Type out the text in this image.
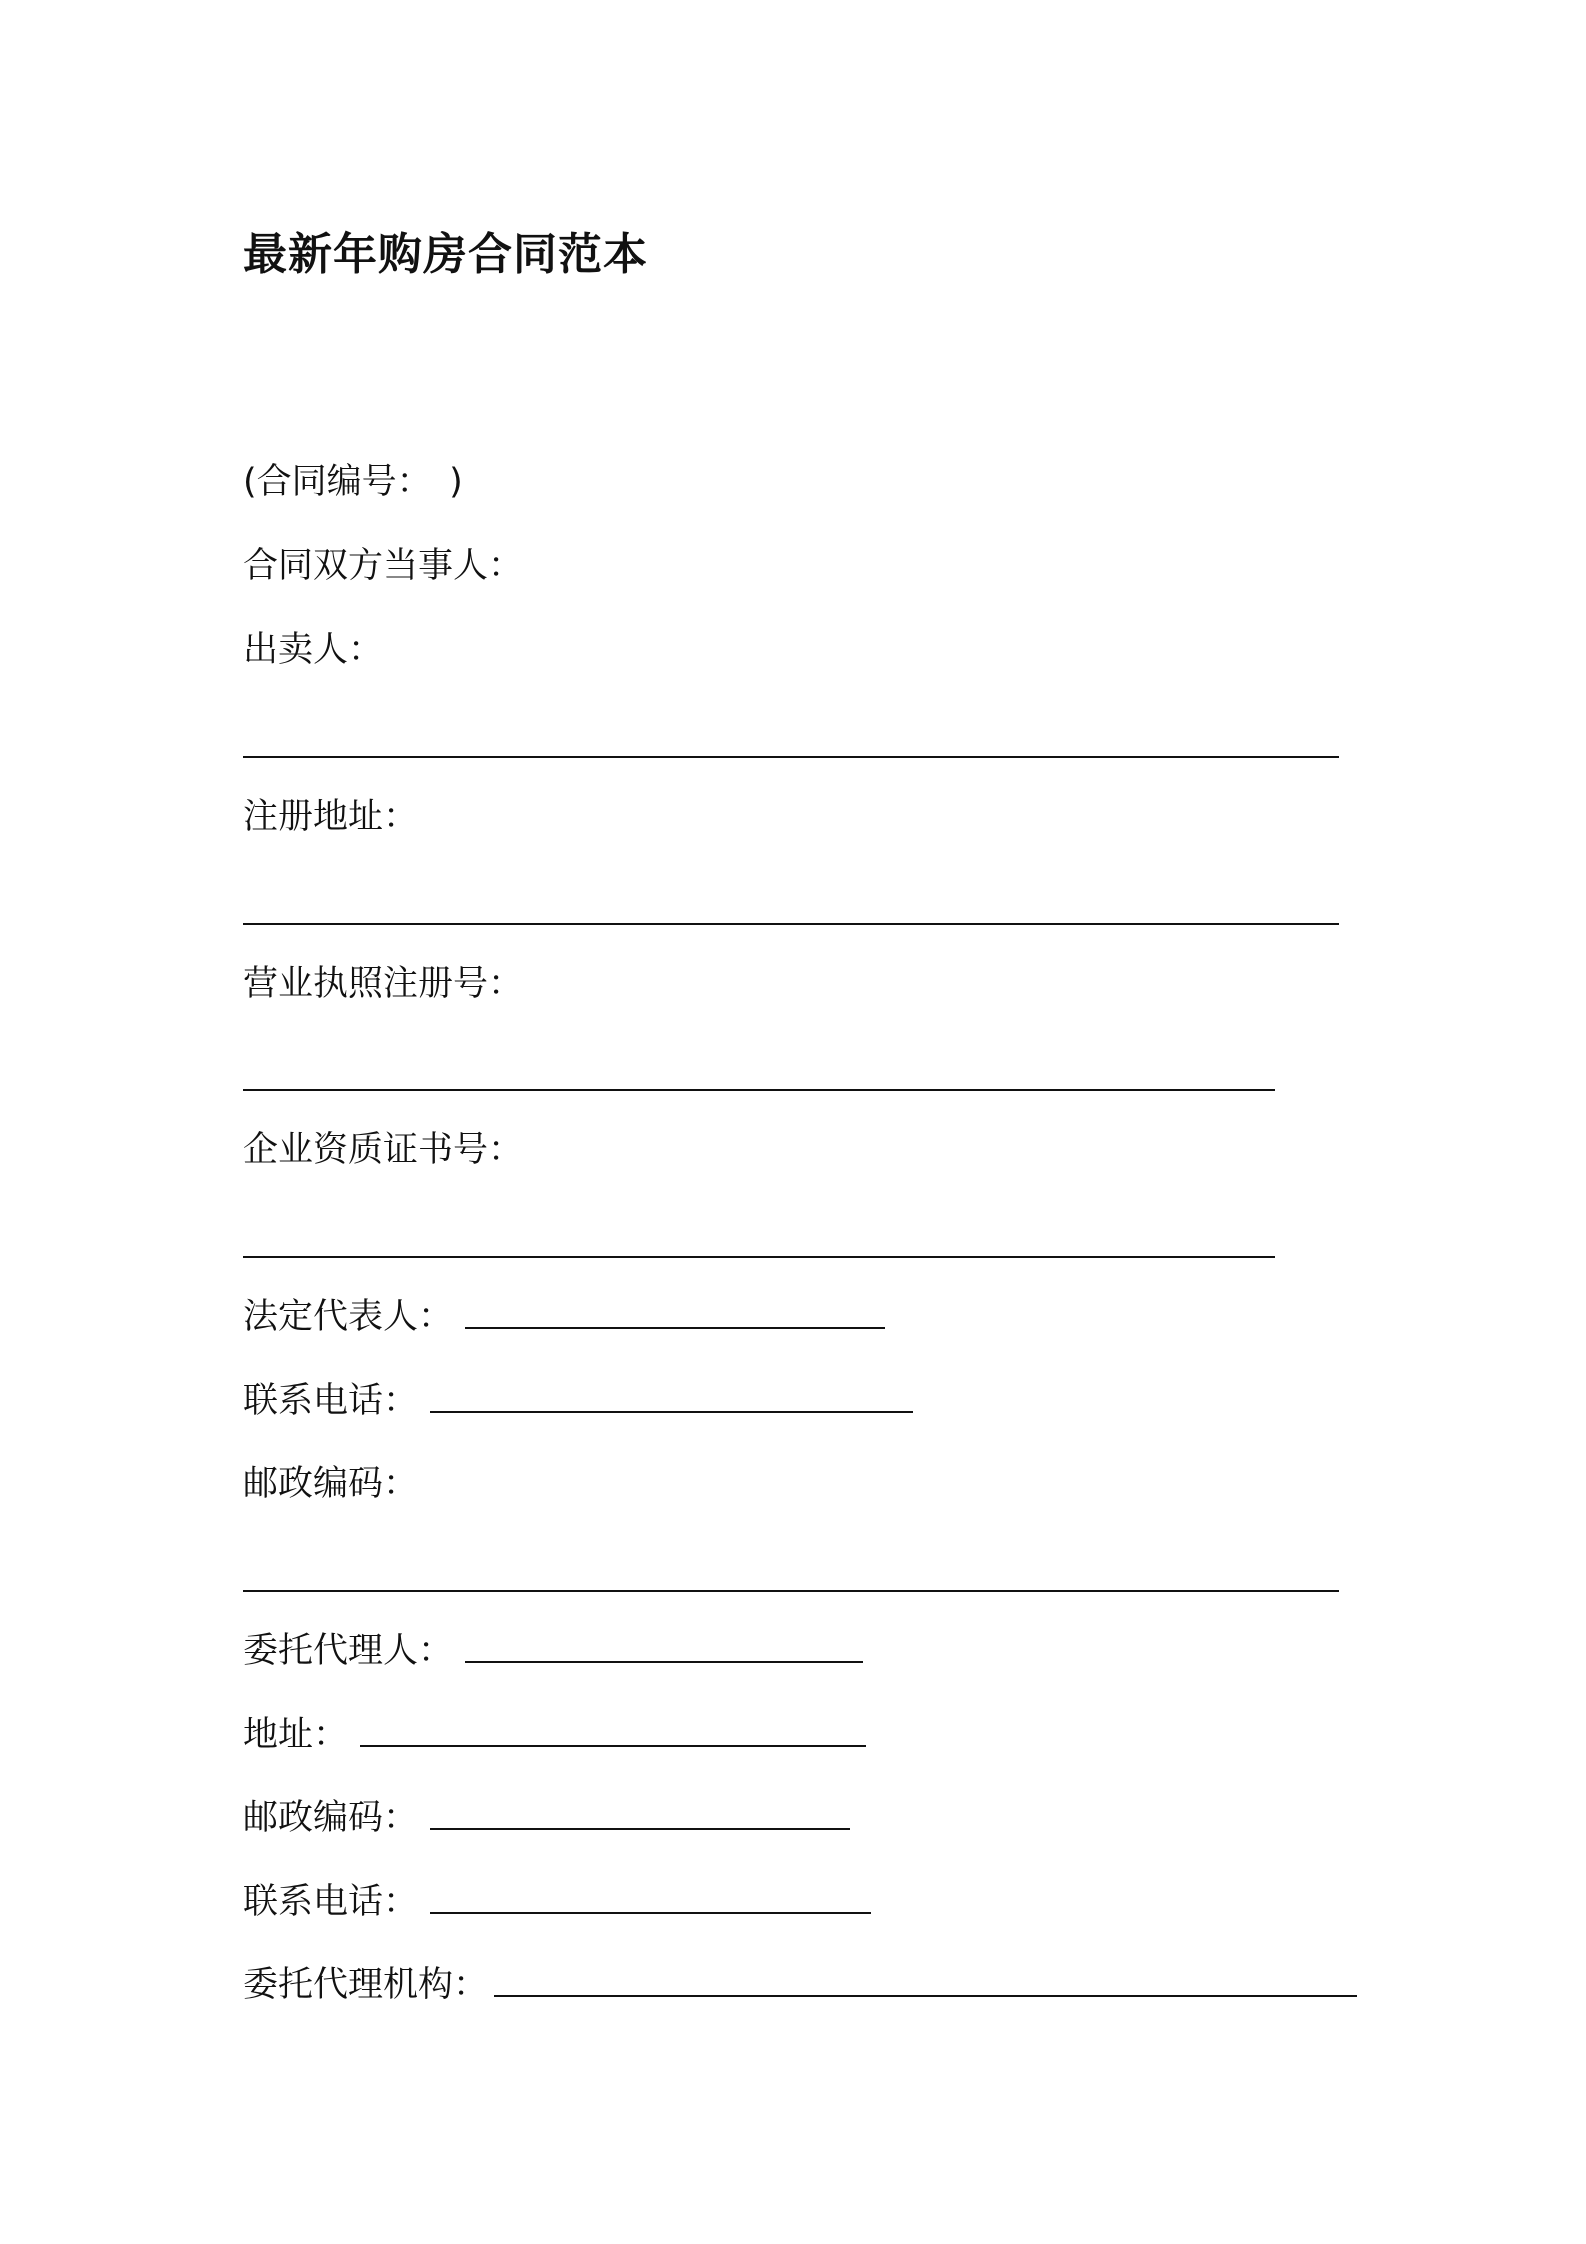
最新年购房合同范本
(合同编号：　)
合同双方当事人：
出卖人：
注册地址：
营业执照注册号：
企业资质证书号：
法定代表人：
联系电话：
邮政编码：
委托代理人：
地址：
邮政编码：
联系电话：
委托代理机构：
